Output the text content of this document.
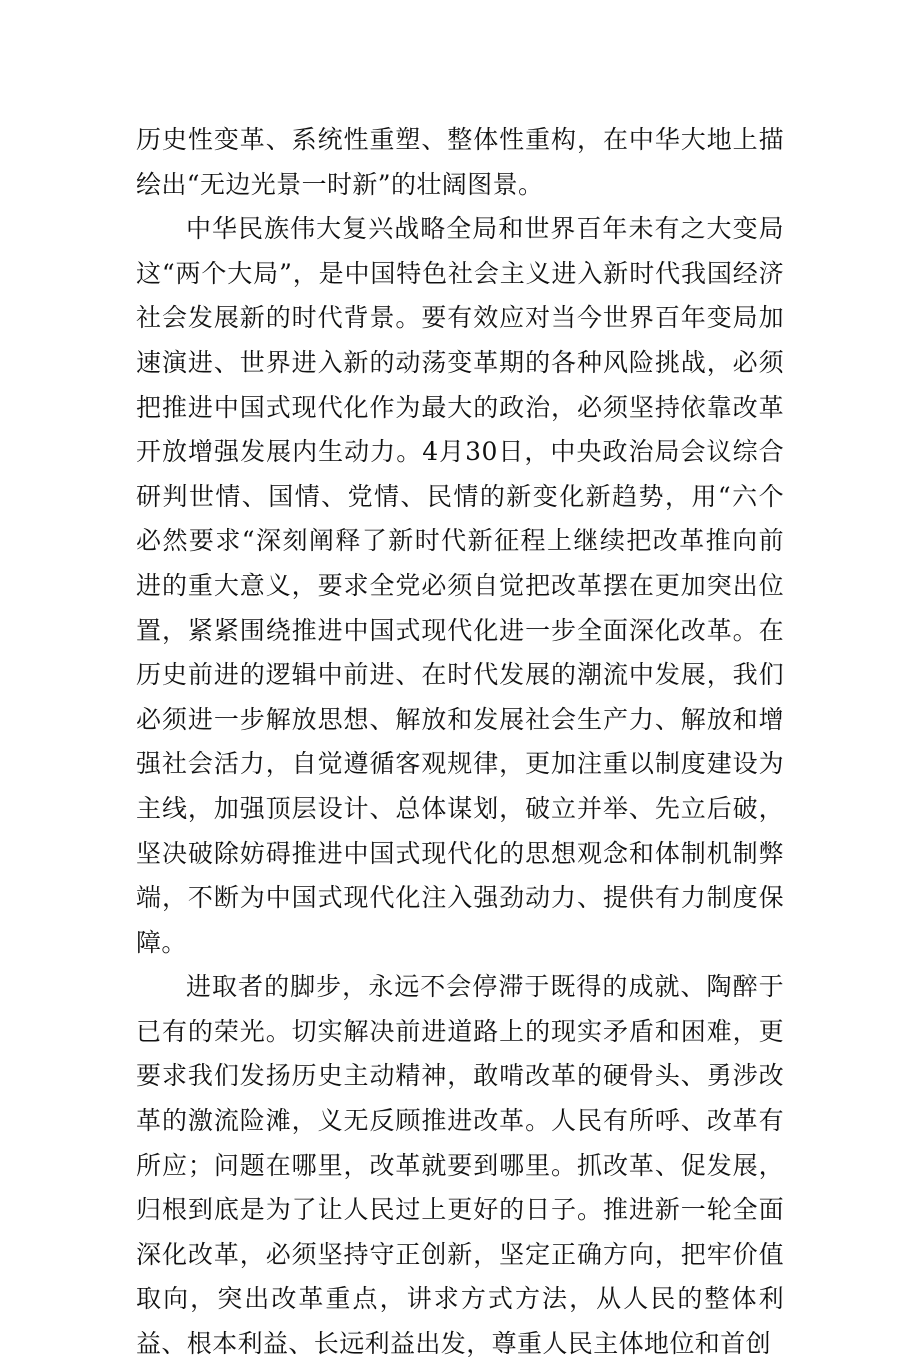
历史性变革、系统性重塑、整体性重构，在中华大地上描绘出“无边光景一时新”的壮阔图景。

中华民族伟大复兴战略全局和世界百年未有之大变局这“两个大局”，是中国特色社会主义进入新时代我国经济社会发展新的时代背景。要有效应对当今世界百年变局加速演进、世界进入新的动荡变革期的各种风险挑战，必须把推进中国式现代化作为最大的政治，必须坚持依靠改革开放增强发展内生动力。4月30日，中央政治局会议综合研判世情、国情、党情、民情的新变化新趋势，用“六个必然要求“深刻阐释了新时代新征程上继续把改革推向前进的重大意义，要求全党必须自觉把改革摆在更加突出位置，紧紧围绕推进中国式现代化进一步全面深化改革。在历史前进的逻辑中前进、在时代发展的潮流中发展，我们必须进一步解放思想、解放和发展社会生产力、解放和增强社会活力，自觉遵循客观规律，更加注重以制度建设为主线，加强顶层设计、总体谋划，破立并举、先立后破，坚决破除妨碍推进中国式现代化的思想观念和体制机制弊端，不断为中国式现代化注入强劲动力、提供有力制度保障。

进取者的脚步，永远不会停滞于既得的成就、陶醉于已有的荣光。切实解决前进道路上的现实矛盾和困难，更要求我们发扬历史主动精神，敢啃改革的硬骨头、勇涉改革的激流险滩，义无反顾推进改革。人民有所呼、改革有所应；问题在哪里，改革就要到哪里。抓改革、促发展，归根到底是为了让人民过上更好的日子。推进新一轮全面深化改革，必须坚持守正创新，坚定正确方向，把牢价值取向，突出改革重点，讲求方式方法，从人民的整体利益、根本利益、长远利益出发，尊重人民主体地位和首创
